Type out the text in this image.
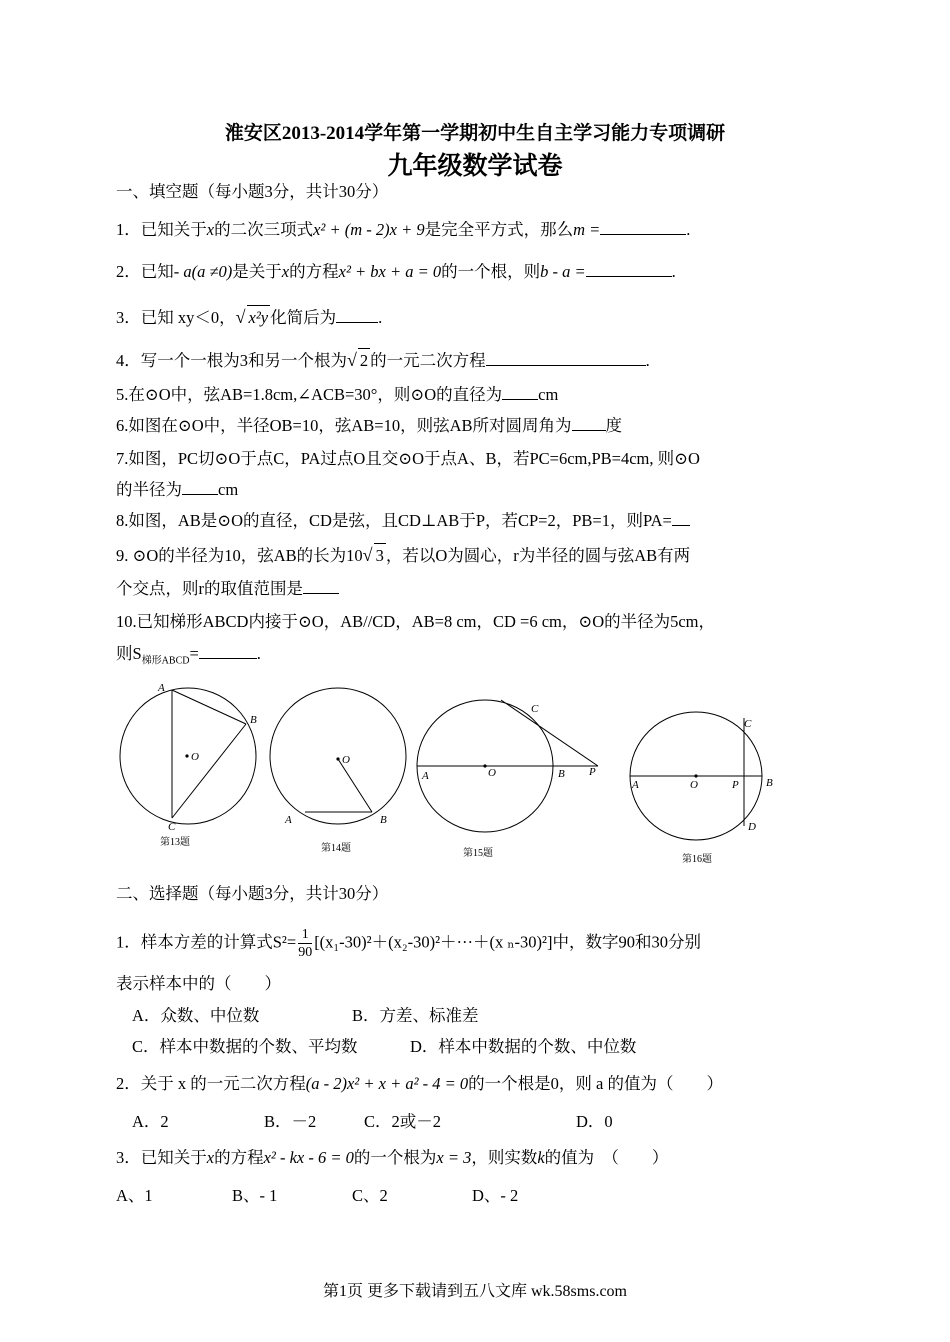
淮安区2013-2014学年第一学期初中生自主学习能力专项调研
九年级数学试卷
一、填空题（每小题3分，共计30分）
1．已知关于x的二次三项式x² + (m - 2)x + 9是完全平方式，那么m =	.
2．已知- a(a ≠0)是关于x的方程x² + bx + a = 0的一个根，则b - a =	.
3．已知 xy＜0，√ x²y 化简后为	.
4．写一个一根为3和另一个根为√ 2 的一元二次方程	.
5.在⊙O中，弦AB=1.8cm,∠ACB=30°，则⊙O的直径为 cm
6.如图在⊙O中，半径OB=10，弦AB=10，则弦AB所对圆周角为 度
7.如图，PC切⊙O于点C，PA过点O且交⊙O于点A、B，若PC=6cm,PB=4cm, 则⊙O
的半径为 cm
8.如图，AB是⊙O的直径，CD是弦，且CD⊥AB于P，若CP=2，PB=1，则PA=
9. ⊙O的半径为10，弦AB的长为10√ 3 ，若以O为圆心，r为半径的圆与弦AB有两
个交点，则r的取值范围是
10.已知梯形ABCD内接于⊙O，AB//CD，AB=8 cm，CD =6 cm，⊙O的半径为5cm，
则$S_{梯形ABCD}=$	.
A
B
C
O
第13题
A	B
O
第14题
A	O	B P
C
第15题
A	O	P B
C
D
第16题
二、选择题（每小题3分，共计30分）
1．样本方差的计算式$S^2= \frac{1}{90} [(x_1-30)^2+(x_2-30)^2+\cdot\cdot\cdot+(x$ ₙ-30)²]中，数字90和30分别
表示样本中的（　　）
A．众数、中位数	B．方差、标准差
C．样本中数据的个数、平均数	D．样本中数据的个数、中位数
2．关于 x 的一元二次方程(a - 2)x² + x + a² - 4 = 0的一个根是0，则 a 的值为（　　）
A．2	B．－2	C．2或－2	D．0
3．已知关于x的方程x² - kx - 6 = 0的一个根为x = 3，则实数k的值为　（　　）
A、1	B、- 1	C、2	D、- 2
第1页 更多下载请到五八文库 wk.58sms.com
